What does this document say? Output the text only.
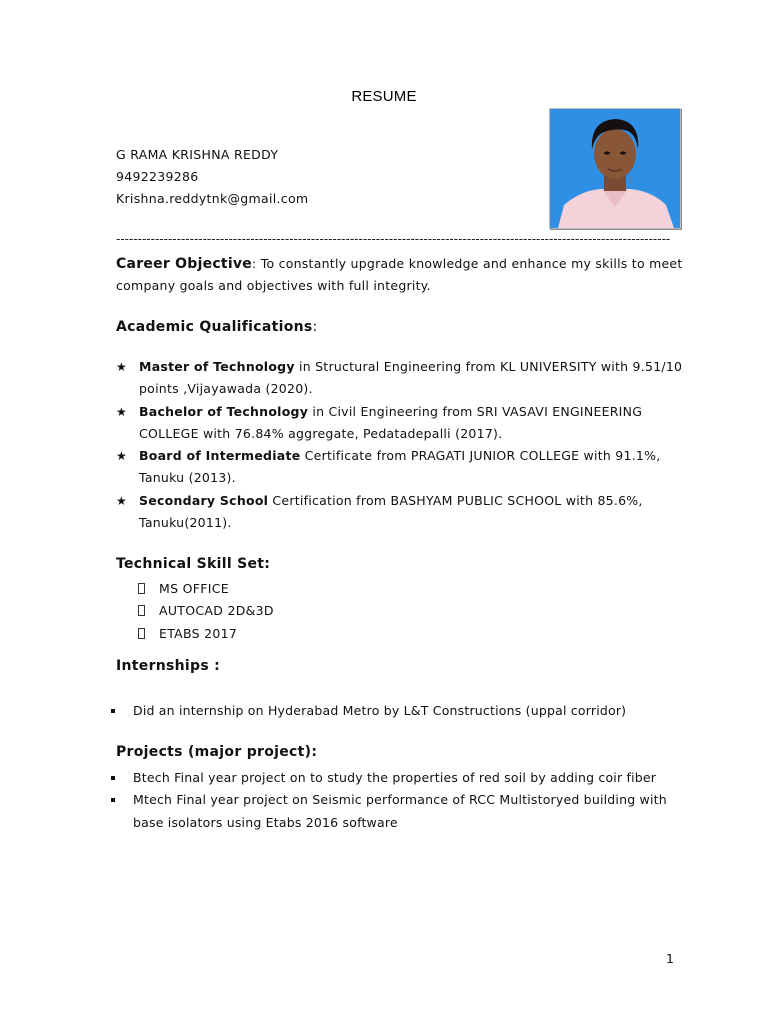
RESUME
G RAMA KRISHNA REDDY
9492239286
Krishna.reddytnk@gmail.com
--------------------------------------------------------------------------------------------------------------------------------
Career Objective: To constantly upgrade knowledge and enhance my skills to meet company goals and objectives with full integrity.
Academic Qualifications:
★ Master of Technology in Structural Engineering from KL UNIVERSITY with 9.51/10 points ,Vijayawada (2020).
★ Bachelor of Technology in Civil Engineering from SRI VASAVI ENGINEERING COLLEGE with 76.84% aggregate, Pedatadepalli (2017).
★ Board of Intermediate Certificate from PRAGATI JUNIOR COLLEGE with 91.1%, Tanuku (2013).
★ Secondary School Certification from BASHYAM PUBLIC SCHOOL with 85.6%, Tanuku(2011).
Technical Skill Set:
MS OFFICE
AUTOCAD 2D&3D
ETABS 2017
Internships :
Did an internship on Hyderabad Metro by L&T Constructions (uppal corridor)
Projects (major project):
Btech Final year project on to study the properties of red soil by adding coir fiber
Mtech Final year project on Seismic performance of RCC Multistoryed building with base isolators using Etabs 2016 software
1
